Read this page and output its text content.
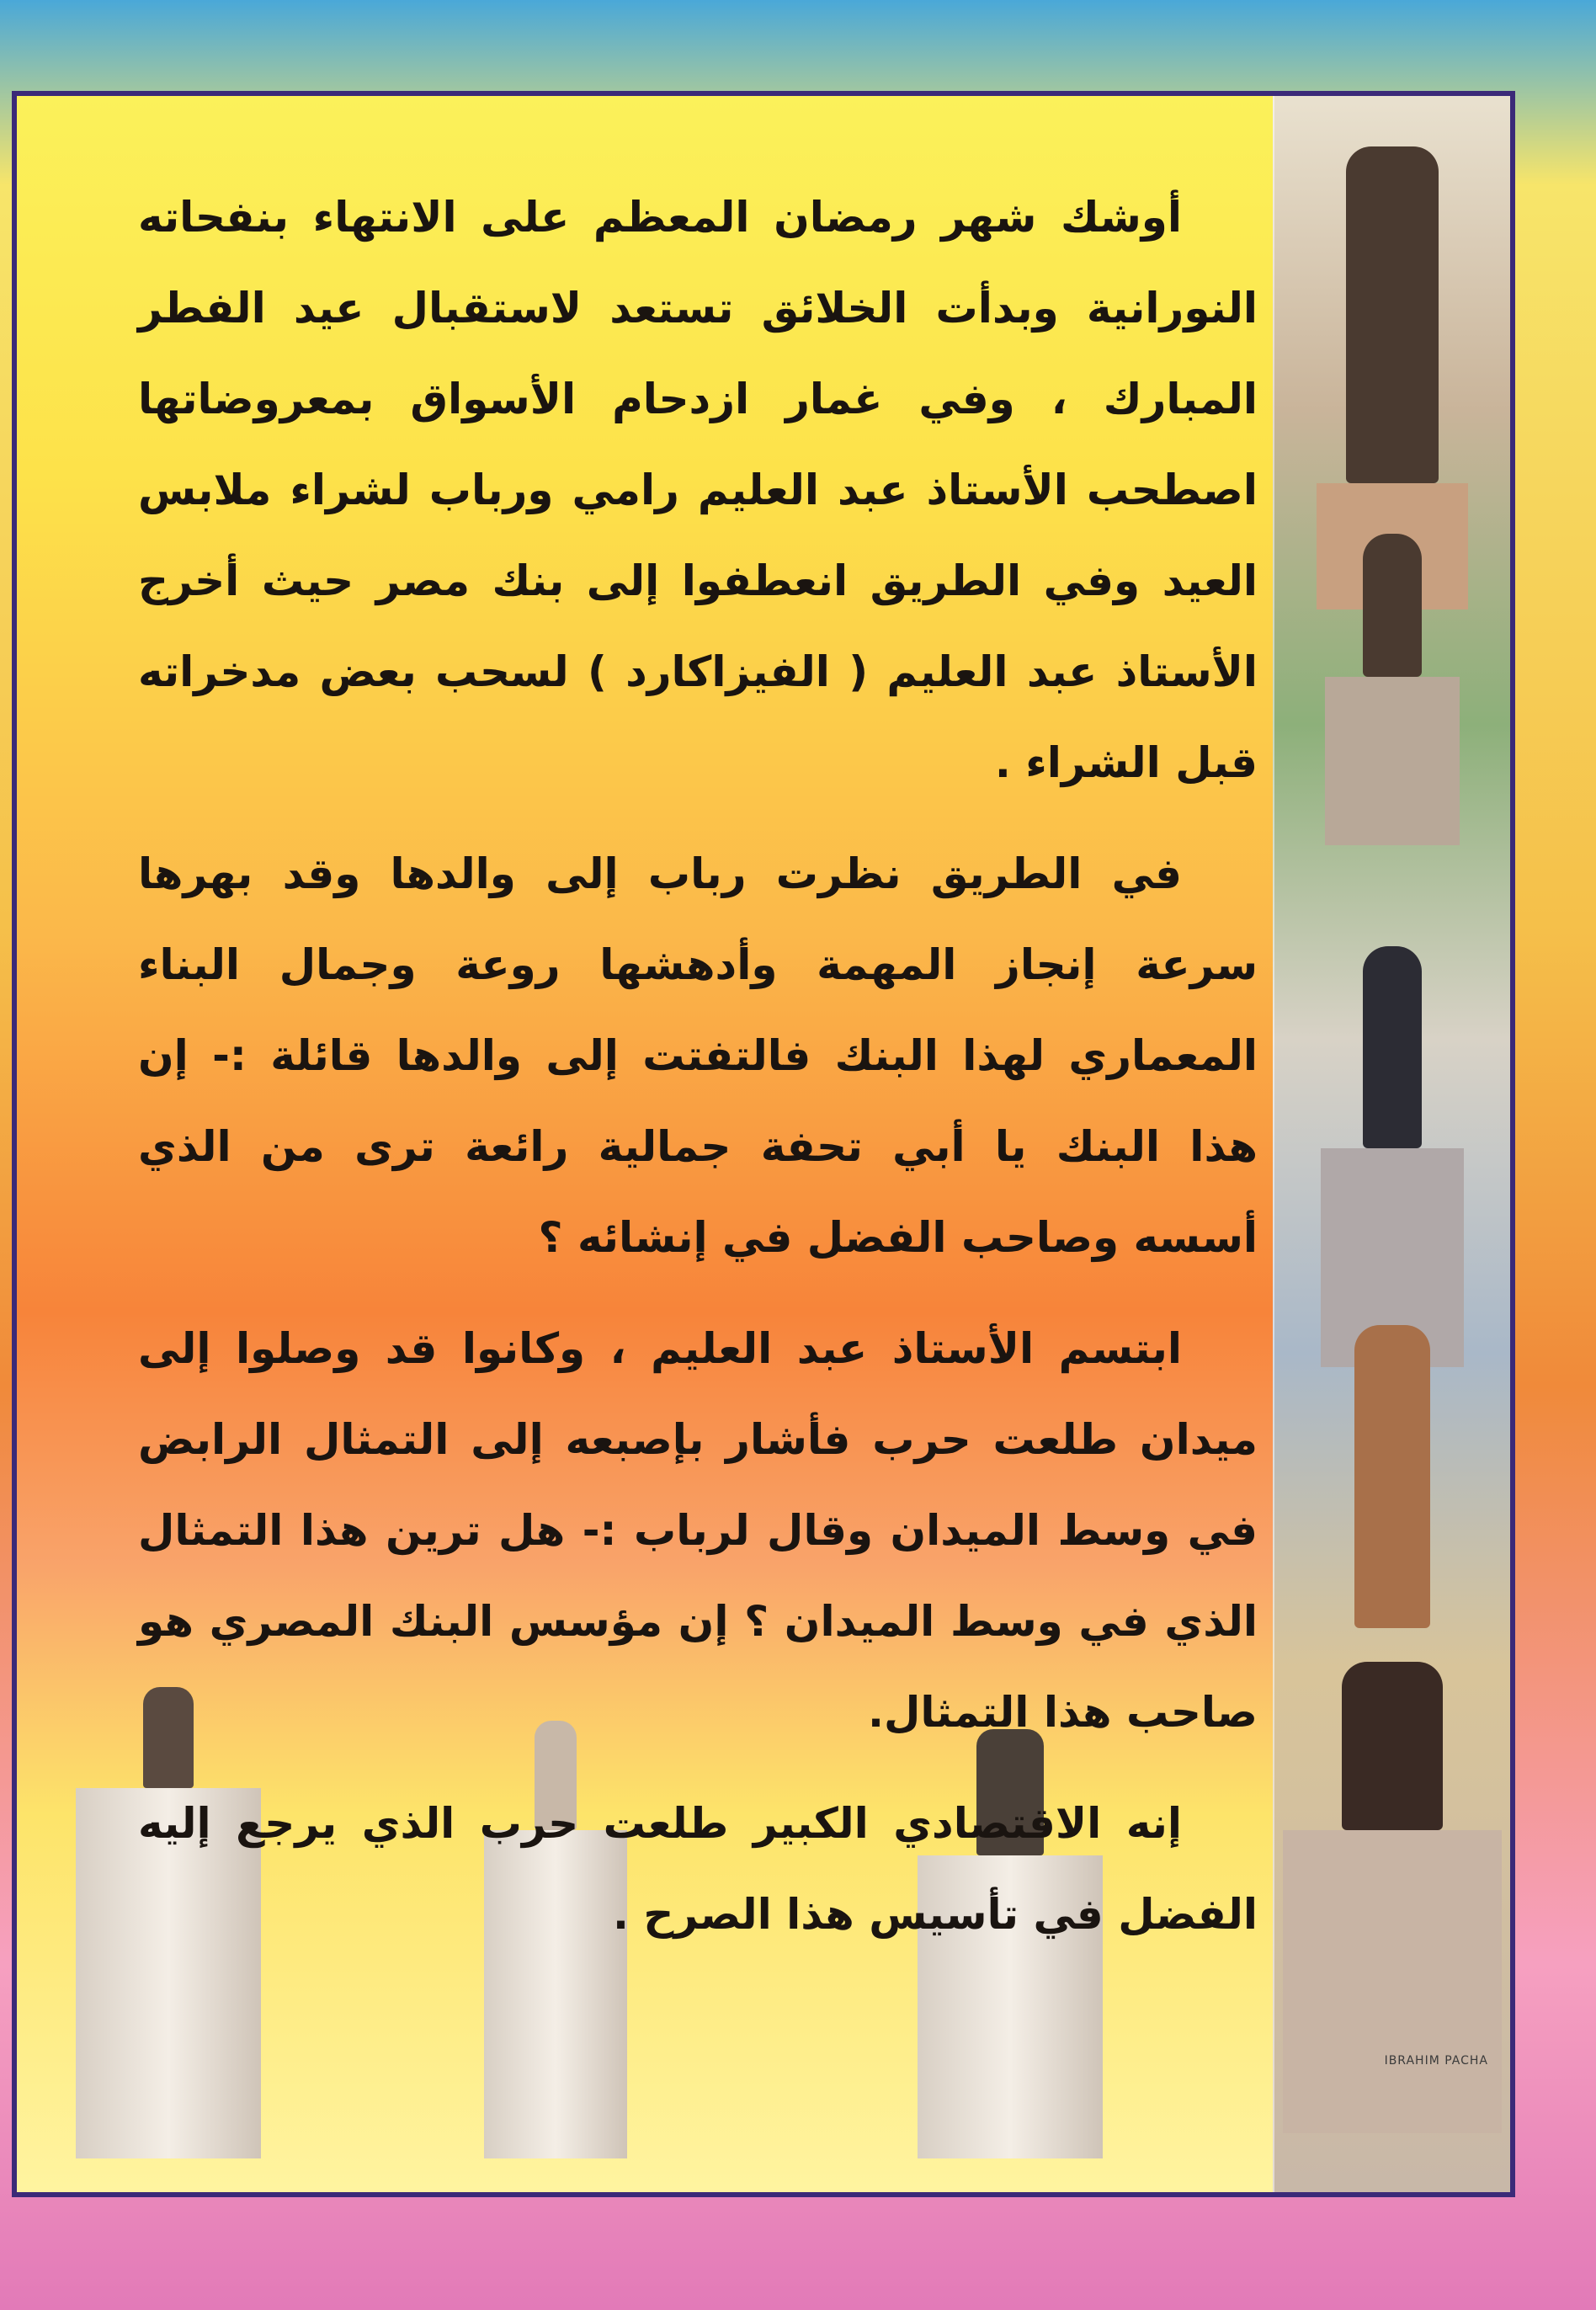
IBRAHIM PACHA

أوشك شهر رمضان المعظم على الانتهاء بنفحاته النورانية وبدأت الخلائق تستعد لاستقبال عيد الفطر المبارك ، وفي غمار ازدحام الأسواق بمعروضاتها اصطحب الأستاذ عبد العليم رامي ورباب لشراء ملابس العيد وفي الطريق انعطفوا إلى بنك مصر حيث أخرج الأستاذ عبد العليم ( الفيزاكارد ) لسحب بعض مدخراته قبل الشراء .

في الطريق نظرت رباب إلى والدها وقد بهرها سرعة إنجاز المهمة وأدهشها روعة وجمال البناء المعماري لهذا البنك فالتفتت إلى والدها قائلة :- إن هذا البنك يا أبي تحفة جمالية رائعة ترى من الذي أسسه وصاحب الفضل في إنشائه ؟

ابتسم الأستاذ عبد العليم ، وكانوا قد وصلوا إلى ميدان طلعت حرب فأشار بإصبعه إلى التمثال الرابض في وسط الميدان وقال لرباب :- هل ترين هذا التمثال الذي في وسط الميدان ؟ إن مؤسس البنك المصري هو صاحب هذا التمثال.

إنه الاقتصادي الكبير طلعت حرب الذي يرجع إليه الفضل في تأسيس هذا الصرح .
